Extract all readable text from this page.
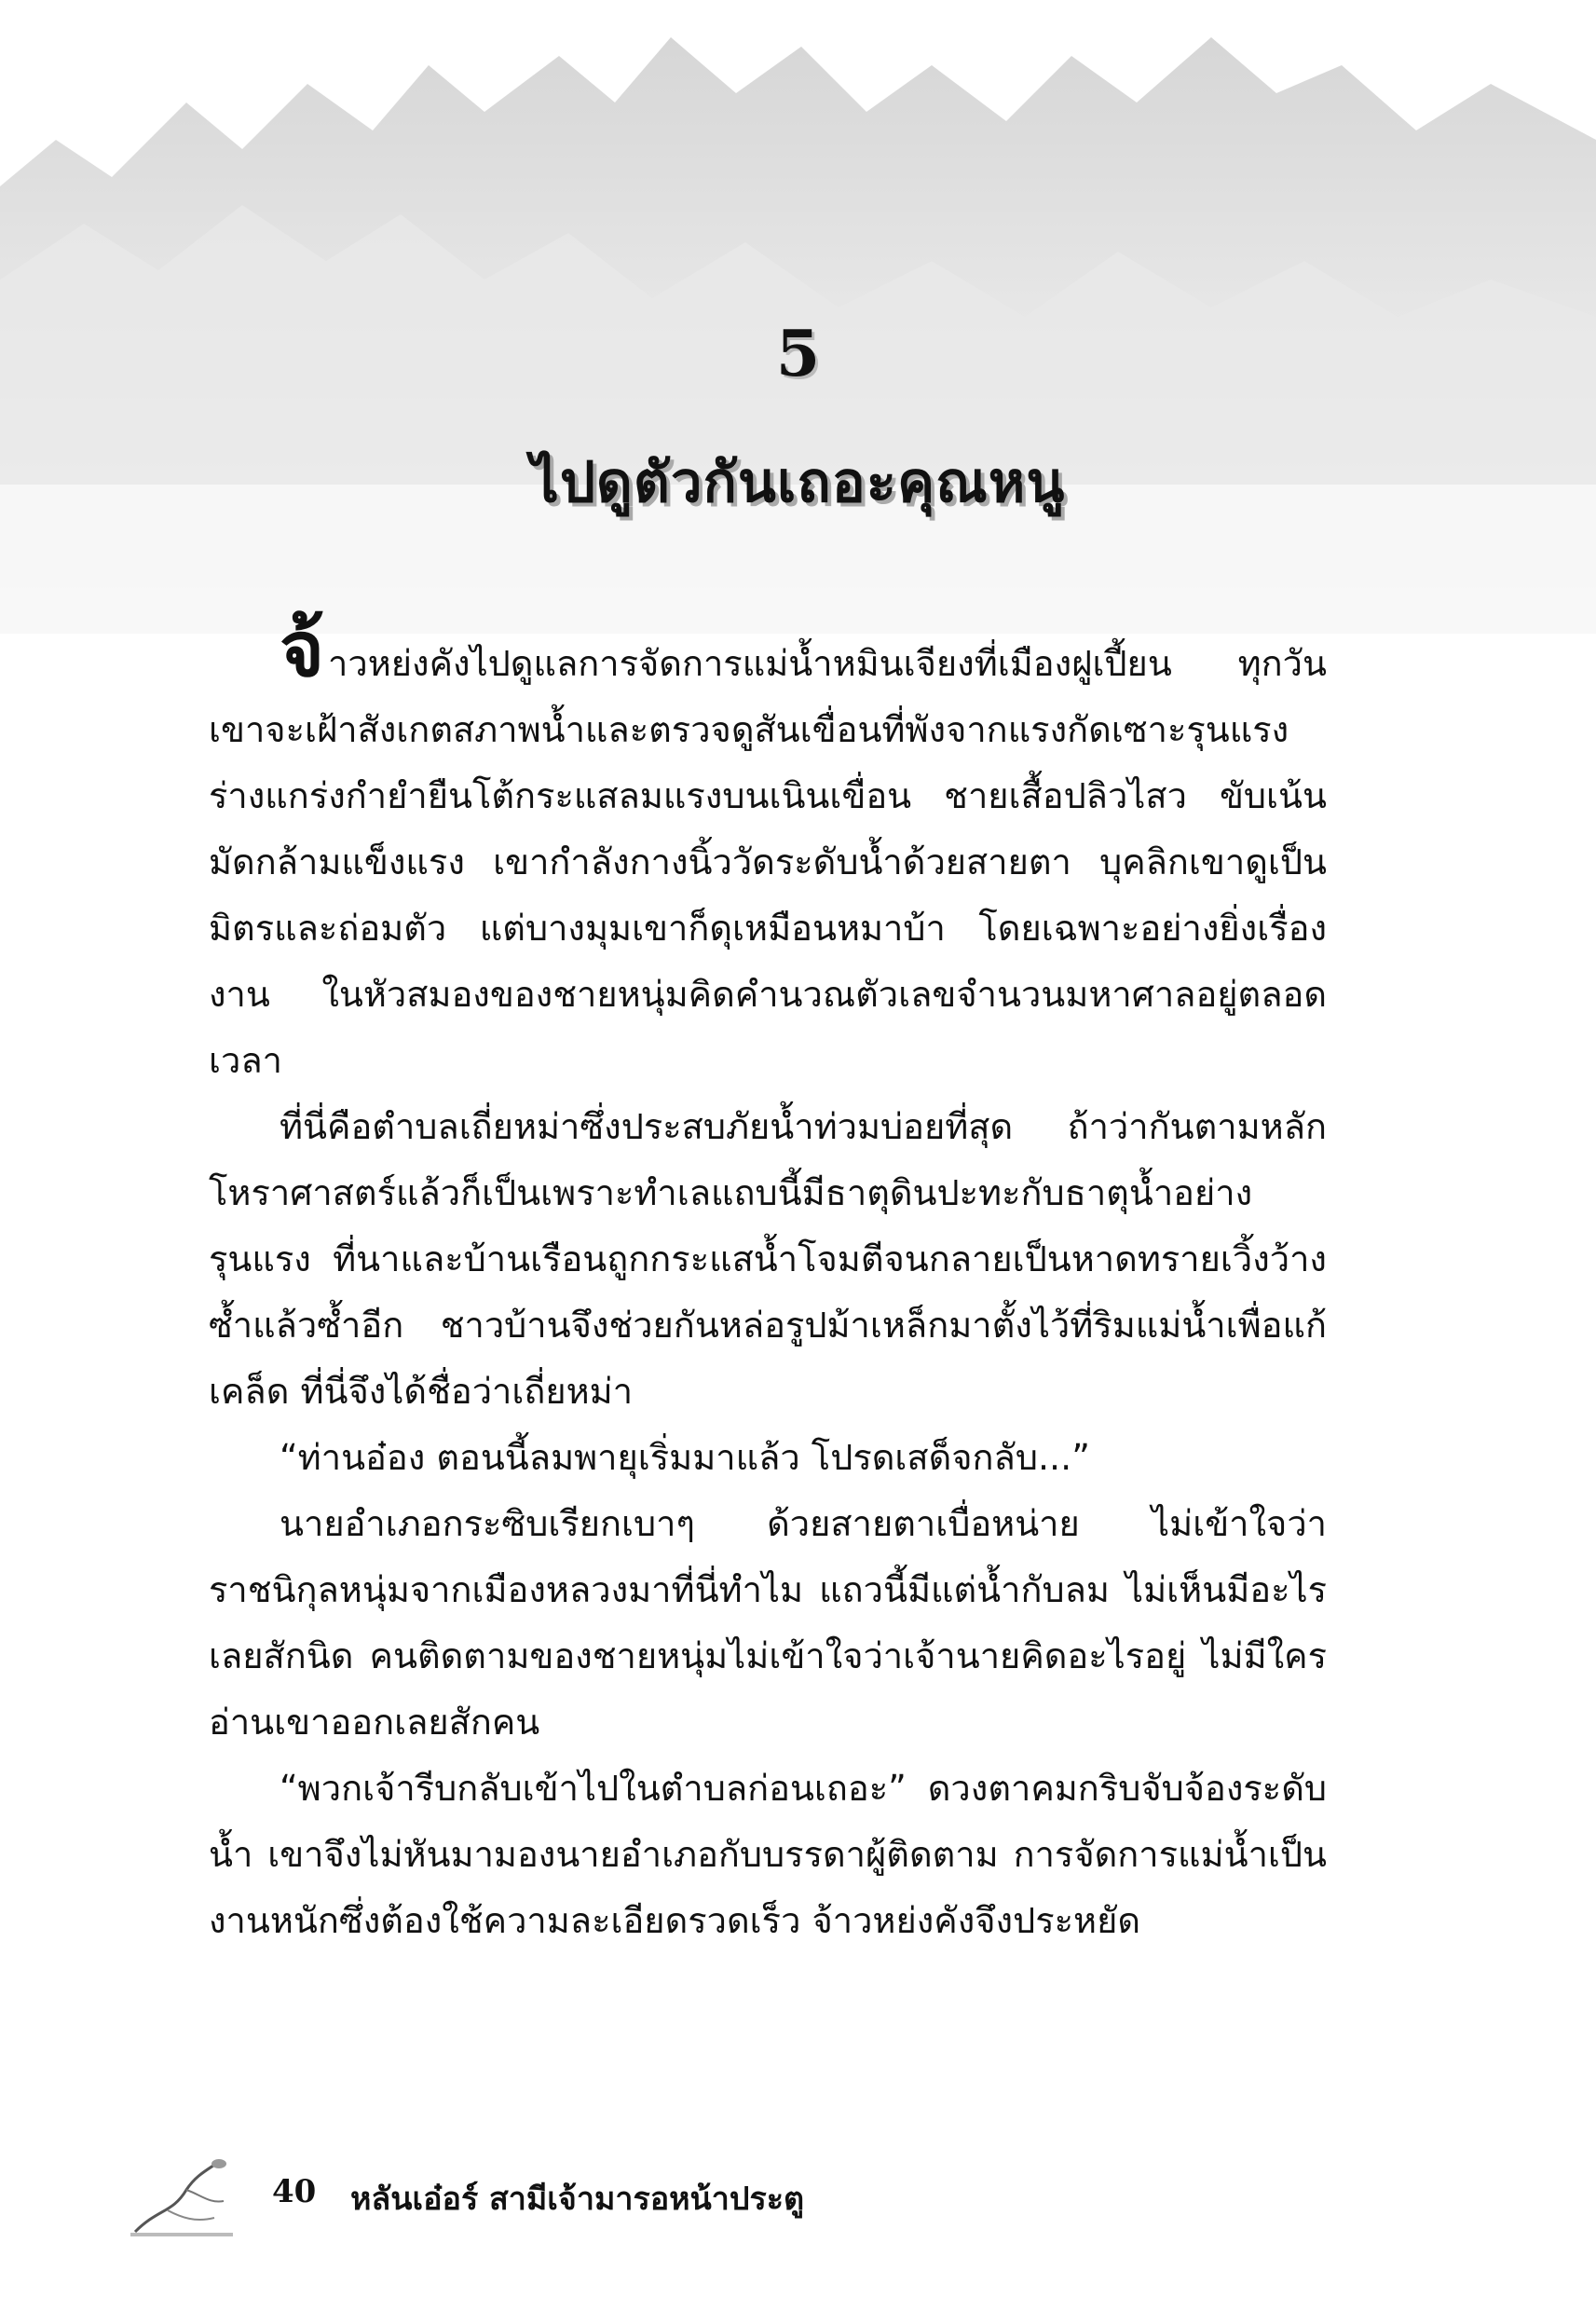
5
ไปดูตัวกันเถอะคุณหนู

จ้าวหย่งคังไปดูแลการจัดการแม่น้ำหมินเจียงที่เมืองฝูเปี้ยน ทุกวันเขาจะเฝ้าสังเกตสภาพน้ำและตรวจดูสันเขื่อนที่พังจากแรงกัดเซาะรุนแรง ร่างแกร่งกำยำยืนโต้กระแสลมแรงบนเนินเขื่อน ชายเสื้อปลิวไสว ขับเน้นมัดกล้ามแข็งแรง เขากำลังกางนิ้ววัดระดับน้ำด้วยสายตา บุคลิกเขาดูเป็นมิตรและถ่อมตัว แต่บางมุมเขาก็ดุเหมือนหมาบ้า โดยเฉพาะอย่างยิ่งเรื่องงาน ในหัวสมองของชายหนุ่มคิดคำนวณตัวเลขจำนวนมหาศาลอยู่ตลอดเวลา

ที่นี่คือตำบลเถี่ยหม่าซึ่งประสบภัยน้ำท่วมบ่อยที่สุด ถ้าว่ากันตามหลักโหราศาสตร์แล้วก็เป็นเพราะทำเลแถบนี้มีธาตุดินปะทะกับธาตุน้ำอย่างรุนแรง ที่นาและบ้านเรือนถูกกระแสน้ำโจมตีจนกลายเป็นหาดทรายเวิ้งว้างซ้ำแล้วซ้ำอีก ชาวบ้านจึงช่วยกันหล่อรูปม้าเหล็กมาตั้งไว้ที่ริมแม่น้ำเพื่อแก้เคล็ด ที่นี่จึงได้ชื่อว่าเถี่ยหม่า

“ท่านอ๋อง ตอนนี้ลมพายุเริ่มมาแล้ว โปรดเสด็จกลับ...”

นายอำเภอกระซิบเรียกเบาๆ ด้วยสายตาเบื่อหน่าย ไม่เข้าใจว่าราชนิกุลหนุ่มจากเมืองหลวงมาที่นี่ทำไม แถวนี้มีแต่น้ำกับลม ไม่เห็นมีอะไรเลยสักนิด คนติดตามของชายหนุ่มไม่เข้าใจว่าเจ้านายคิดอะไรอยู่ ไม่มีใครอ่านเขาออกเลยสักคน

“พวกเจ้ารีบกลับเข้าไปในตำบลก่อนเถอะ” ดวงตาคมกริบจับจ้องระดับน้ำ เขาจึงไม่หันมามองนายอำเภอกับบรรดาผู้ติดตาม การจัดการแม่น้ำเป็นงานหนักซึ่งต้องใช้ความละเอียดรวดเร็ว จ้าวหย่งคังจึงประหยัด

40 หลันเอ๋อร์ สามีเจ้ามารอหน้าประตู
